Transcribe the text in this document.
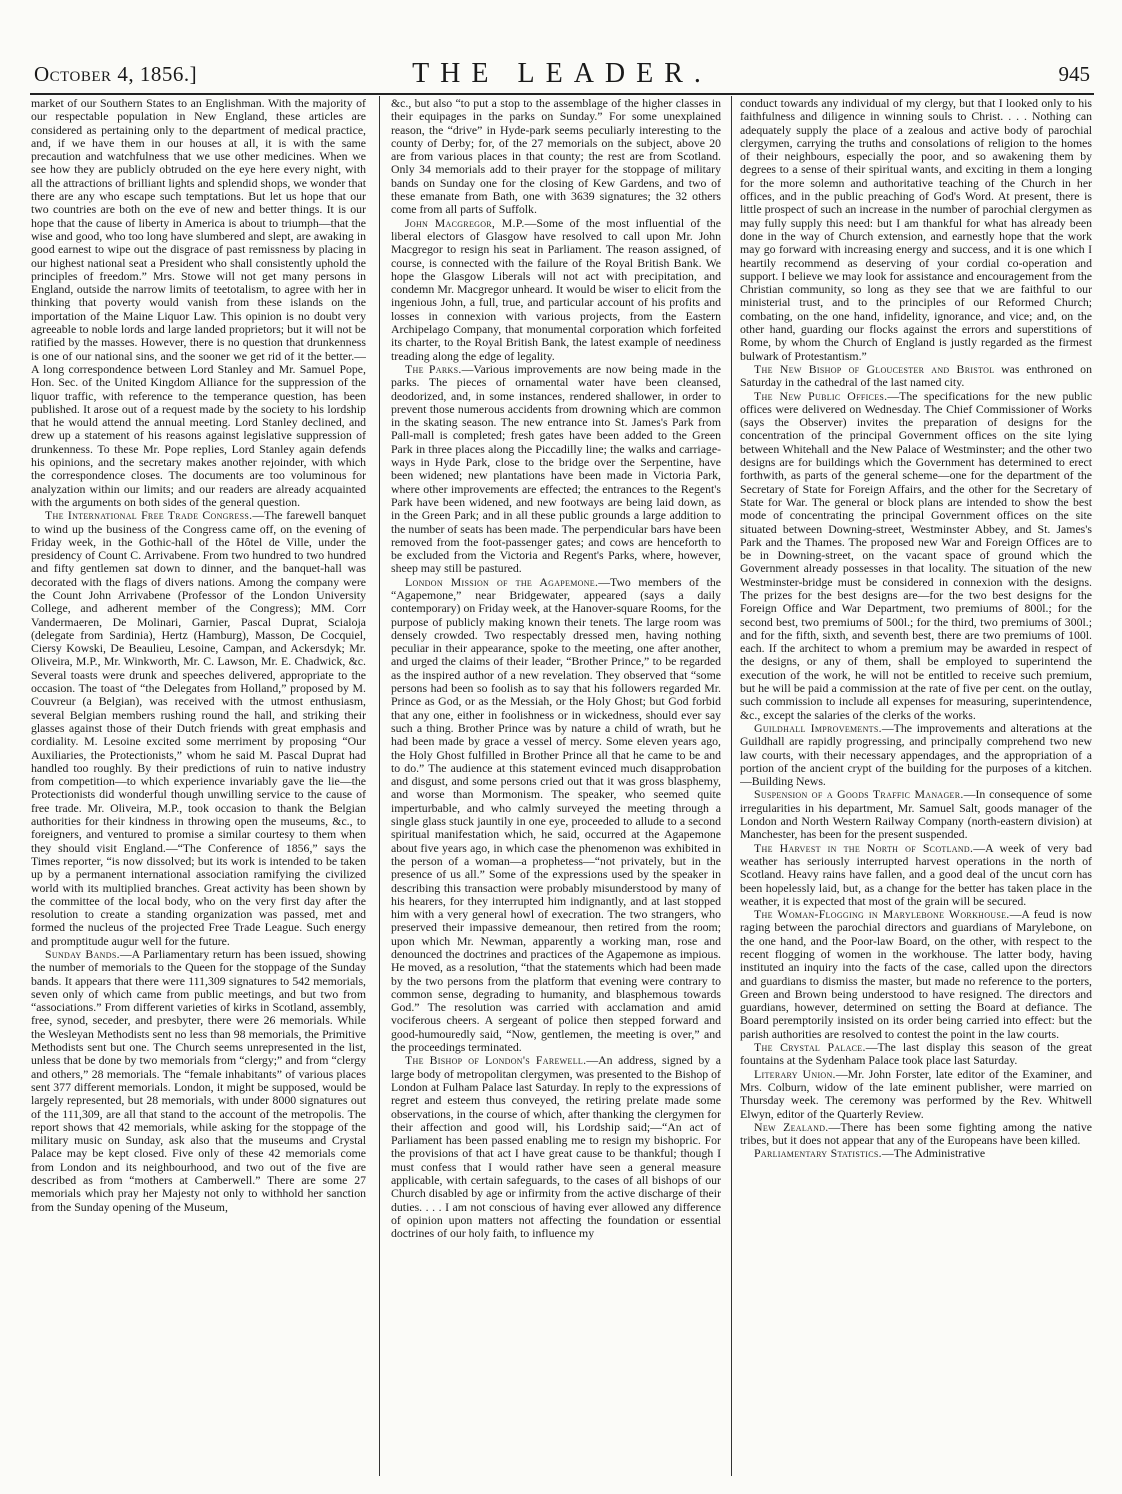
October 4, 1856.]	THE LEADER.	945

market of our Southern States to an Englishman. With the majority of our respectable population in New England, these articles are considered as pertaining only to the department of medical practice, and, if we have them in our houses at all, it is with the same precaution and watchfulness that we use other medicines. When we see how they are publicly obtruded on the eye here every night, with all the attractions of brilliant lights and splendid shops, we wonder that there are any who escape such temptations. But let us hope that our two countries are both on the eve of new and better things. It is our hope that the cause of liberty in America is about to triumph—that the wise and good, who too long have slumbered and slept, are awaking in good earnest to wipe out the disgrace of past remissness by placing in our highest national seat a President who shall consistently uphold the principles of freedom.” Mrs. Stowe will not get many persons in England, outside the narrow limits of teetotalism, to agree with her in thinking that poverty would vanish from these islands on the importation of the Maine Liquor Law. This opinion is no doubt very agreeable to noble lords and large landed proprietors; but it will not be ratified by the masses. However, there is no question that drunkenness is one of our national sins, and the sooner we get rid of it the better.—A long correspondence between Lord Stanley and Mr. Samuel Pope, Hon. Sec. of the United Kingdom Alliance for the suppression of the liquor traffic, with reference to the temperance question, has been published. It arose out of a request made by the society to his lordship that he would attend the annual meeting. Lord Stanley declined, and drew up a statement of his reasons against legislative suppression of drunkenness. To these Mr. Pope replies, Lord Stanley again defends his opinions, and the secretary makes another rejoinder, with which the correspondence closes. The documents are too voluminous for analyzation within our limits; and our readers are already acquainted with the arguments on both sides of the general question.

The International Free Trade Congress.—The farewell banquet to wind up the business of the Congress came off, on the evening of Friday week, in the Gothic-hall of the Hôtel de Ville, under the presidency of Count C. Arrivabene. From two hundred to two hundred and fifty gentlemen sat down to dinner, and the banquet-hall was decorated with the flags of divers nations. Among the company were the Count John Arrivabene (Professor of the London University College, and adherent member of the Congress); MM. Corr Vandermaeren, De Molinari, Garnier, Pascal Duprat, Scialoja (delegate from Sardinia), Hertz (Hamburg), Masson, De Cocquiel, Ciersy Kowski, De Beaulieu, Lesoine, Campan, and Ackersdyk; Mr. Oliveira, M.P., Mr. Winkworth, Mr. C. Lawson, Mr. E. Chadwick, &c. Several toasts were drunk and speeches delivered, appropriate to the occasion. The toast of “the Delegates from Holland,” proposed by M. Couvreur (a Belgian), was received with the utmost enthusiasm, several Belgian members rushing round the hall, and striking their glasses against those of their Dutch friends with great emphasis and cordiality. M. Lesoine excited some merriment by proposing “Our Auxiliaries, the Protectionists,” whom he said M. Pascal Duprat had handled too roughly. By their predictions of ruin to native industry from competition—to which experience invariably gave the lie—the Protectionists did wonderful though unwilling service to the cause of free trade. Mr. Oliveira, M.P., took occasion to thank the Belgian authorities for their kindness in throwing open the museums, &c., to foreigners, and ventured to promise a similar courtesy to them when they should visit England.—“The Conference of 1856,” says the Times reporter, “is now dissolved; but its work is intended to be taken up by a permanent international association ramifying the civilized world with its multiplied branches. Great activity has been shown by the committee of the local body, who on the very first day after the resolution to create a standing organization was passed, met and formed the nucleus of the projected Free Trade League. Such energy and promptitude augur well for the future.

Sunday Bands.—A Parliamentary return has been issued, showing the number of memorials to the Queen for the stoppage of the Sunday bands. It appears that there were 111,309 signatures to 542 memorials, seven only of which came from public meetings, and but two from “associations.” From different varieties of kirks in Scotland, assembly, free, synod, seceder, and presbyter, there were 26 memorials. While the Wesleyan Methodists sent no less than 98 memorials, the Primitive Methodists sent but one. The Church seems unrepresented in the list, unless that be done by two memorials from “clergy;” and from “clergy and others,” 28 memorials. The “female inhabitants” of various places sent 377 different memorials. London, it might be supposed, would be largely represented, but 28 memorials, with under 8000 signatures out of the 111,309, are all that stand to the account of the metropolis. The report shows that 42 memorials, while asking for the stoppage of the military music on Sunday, ask also that the museums and Crystal Palace may be kept closed. Five only of these 42 memorials come from London and its neighbourhood, and two out of the five are described as from “mothers at Camberwell.” There are some 27 memorials which pray her Majesty not only to withhold her sanction from the Sunday opening of the Museum,

&c., but also “to put a stop to the assemblage of the higher classes in their equipages in the parks on Sunday.” For some unexplained reason, the “drive” in Hyde-park seems peculiarly interesting to the county of Derby; for, of the 27 memorials on the subject, above 20 are from various places in that county; the rest are from Scotland. Only 34 memorials add to their prayer for the stoppage of military bands on Sunday one for the closing of Kew Gardens, and two of these emanate from Bath, one with 3639 signatures; the 32 others come from all parts of Suffolk.

John Macgregor, M.P.—Some of the most influential of the liberal electors of Glasgow have resolved to call upon Mr. John Macgregor to resign his seat in Parliament. The reason assigned, of course, is connected with the failure of the Royal British Bank. We hope the Glasgow Liberals will not act with precipitation, and condemn Mr. Macgregor unheard. It would be wiser to elicit from the ingenious John, a full, true, and particular account of his profits and losses in connexion with various projects, from the Eastern Archipelago Company, that monumental corporation which forfeited its charter, to the Royal British Bank, the latest example of neediness treading along the edge of legality.

The Parks.—Various improvements are now being made in the parks. The pieces of ornamental water have been cleansed, deodorized, and, in some instances, rendered shallower, in order to prevent those numerous accidents from drowning which are common in the skating season. The new entrance into St. James's Park from Pall-mall is completed; fresh gates have been added to the Green Park in three places along the Piccadilly line; the walks and carriage-ways in Hyde Park, close to the bridge over the Serpentine, have been widened; new plantations have been made in Victoria Park, where other improvements are effected; the entrances to the Regent's Park have been widened, and new footways are being laid down, as in the Green Park; and in all these public grounds a large addition to the number of seats has been made. The perpendicular bars have been removed from the foot-passenger gates; and cows are henceforth to be excluded from the Victoria and Regent's Parks, where, however, sheep may still be pastured.

London Mission of the Agapemone.—Two members of the “Agapemone,” near Bridgewater, appeared (says a daily contemporary) on Friday week, at the Hanover-square Rooms, for the purpose of publicly making known their tenets. The large room was densely crowded. Two respectably dressed men, having nothing peculiar in their appearance, spoke to the meeting, one after another, and urged the claims of their leader, “Brother Prince,” to be regarded as the inspired author of a new revelation. They observed that “some persons had been so foolish as to say that his followers regarded Mr. Prince as God, or as the Messiah, or the Holy Ghost; but God forbid that any one, either in foolishness or in wickedness, should ever say such a thing. Brother Prince was by nature a child of wrath, but he had been made by grace a vessel of mercy. Some eleven years ago, the Holy Ghost fulfilled in Brother Prince all that he came to be and to do.” The audience at this statement evinced much disapprobation and disgust, and some persons cried out that it was gross blasphemy, and worse than Mormonism. The speaker, who seemed quite imperturbable, and who calmly surveyed the meeting through a single glass stuck jauntily in one eye, proceeded to allude to a second spiritual manifestation which, he said, occurred at the Agapemone about five years ago, in which case the phenomenon was exhibited in the person of a woman—a prophetess—“not privately, but in the presence of us all.” Some of the expressions used by the speaker in describing this transaction were probably misunderstood by many of his hearers, for they interrupted him indignantly, and at last stopped him with a very general howl of execration. The two strangers, who preserved their impassive demeanour, then retired from the room; upon which Mr. Newman, apparently a working man, rose and denounced the doctrines and practices of the Agapemone as impious. He moved, as a resolution, “that the statements which had been made by the two persons from the platform that evening were contrary to common sense, degrading to humanity, and blasphemous towards God.” The resolution was carried with acclamation and amid vociferous cheers. A sergeant of police then stepped forward and good-humouredly said, “Now, gentlemen, the meeting is over,” and the proceedings terminated.

The Bishop of London's Farewell.—An address, signed by a large body of metropolitan clergymen, was presented to the Bishop of London at Fulham Palace last Saturday. In reply to the expressions of regret and esteem thus conveyed, the retiring prelate made some observations, in the course of which, after thanking the clergymen for their affection and good will, his Lordship said;—“An act of Parliament has been passed enabling me to resign my bishopric. For the provisions of that act I have great cause to be thankful; though I must confess that I would rather have seen a general measure applicable, with certain safeguards, to the cases of all bishops of our Church disabled by age or infirmity from the active discharge of their duties. . . . I am not conscious of having ever allowed any difference of opinion upon matters not affecting the foundation or essential doctrines of our holy faith, to influence my

conduct towards any individual of my clergy, but that I looked only to his faithfulness and diligence in winning souls to Christ. . . . Nothing can adequately supply the place of a zealous and active body of parochial clergymen, carrying the truths and consolations of religion to the homes of their neighbours, especially the poor, and so awakening them by degrees to a sense of their spiritual wants, and exciting in them a longing for the more solemn and authoritative teaching of the Church in her offices, and in the public preaching of God's Word. At present, there is little prospect of such an increase in the number of parochial clergymen as may fully supply this need: but I am thankful for what has already been done in the way of Church extension, and earnestly hope that the work may go forward with increasing energy and success, and it is one which I heartily recommend as deserving of your cordial co-operation and support. I believe we may look for assistance and encouragement from the Christian community, so long as they see that we are faithful to our ministerial trust, and to the principles of our Reformed Church; combating, on the one hand, infidelity, ignorance, and vice; and, on the other hand, guarding our flocks against the errors and superstitions of Rome, by whom the Church of England is justly regarded as the firmest bulwark of Protestantism.”

The New Bishop of Gloucester and Bristol was enthroned on Saturday in the cathedral of the last named city.

The New Public Offices.—The specifications for the new public offices were delivered on Wednesday. The Chief Commissioner of Works (says the Observer) invites the preparation of designs for the concentration of the principal Government offices on the site lying between Whitehall and the New Palace of Westminster; and the other two designs are for buildings which the Government has determined to erect forthwith, as parts of the general scheme—one for the department of the Secretary of State for Foreign Affairs, and the other for the Secretary of State for War. The general or block plans are intended to show the best mode of concentrating the principal Government offices on the site situated between Downing-street, Westminster Abbey, and St. James's Park and the Thames. The proposed new War and Foreign Offices are to be in Downing-street, on the vacant space of ground which the Government already possesses in that locality. The situation of the new Westminster-bridge must be considered in connexion with the designs. The prizes for the best designs are—for the two best designs for the Foreign Office and War Department, two premiums of 800l.; for the second best, two premiums of 500l.; for the third, two premiums of 300l.; and for the fifth, sixth, and seventh best, there are two premiums of 100l. each. If the architect to whom a premium may be awarded in respect of the designs, or any of them, shall be employed to superintend the execution of the work, he will not be entitled to receive such premium, but he will be paid a commission at the rate of five per cent. on the outlay, such commission to include all expenses for measuring, superintendence, &c., except the salaries of the clerks of the works.

Guildhall Improvements.—The improvements and alterations at the Guildhall are rapidly progressing, and principally comprehend two new law courts, with their necessary appendages, and the appropriation of a portion of the ancient crypt of the building for the purposes of a kitchen.—Building News.

Suspension of a Goods Traffic Manager.—In consequence of some irregularities in his department, Mr. Samuel Salt, goods manager of the London and North Western Railway Company (north-eastern division) at Manchester, has been for the present suspended.

The Harvest in the North of Scotland.—A week of very bad weather has seriously interrupted harvest operations in the north of Scotland. Heavy rains have fallen, and a good deal of the uncut corn has been hopelessly laid, but, as a change for the better has taken place in the weather, it is expected that most of the grain will be secured.

The Woman-Flogging in Marylebone Workhouse.—A feud is now raging between the parochial directors and guardians of Marylebone, on the one hand, and the Poor-law Board, on the other, with respect to the recent flogging of women in the workhouse. The latter body, having instituted an inquiry into the facts of the case, called upon the directors and guardians to dismiss the master, but made no reference to the porters, Green and Brown being understood to have resigned. The directors and guardians, however, determined on setting the Board at defiance. The Board peremptorily insisted on its order being carried into effect: but the parish authorities are resolved to contest the point in the law courts.

The Crystal Palace.—The last display this season of the great fountains at the Sydenham Palace took place last Saturday.

Literary Union.—Mr. John Forster, late editor of the Examiner, and Mrs. Colburn, widow of the late eminent publisher, were married on Thursday week. The ceremony was performed by the Rev. Whitwell Elwyn, editor of the Quarterly Review.

New Zealand.—There has been some fighting among the native tribes, but it does not appear that any of the Europeans have been killed.

Parliamentary Statistics.—The Administrative
